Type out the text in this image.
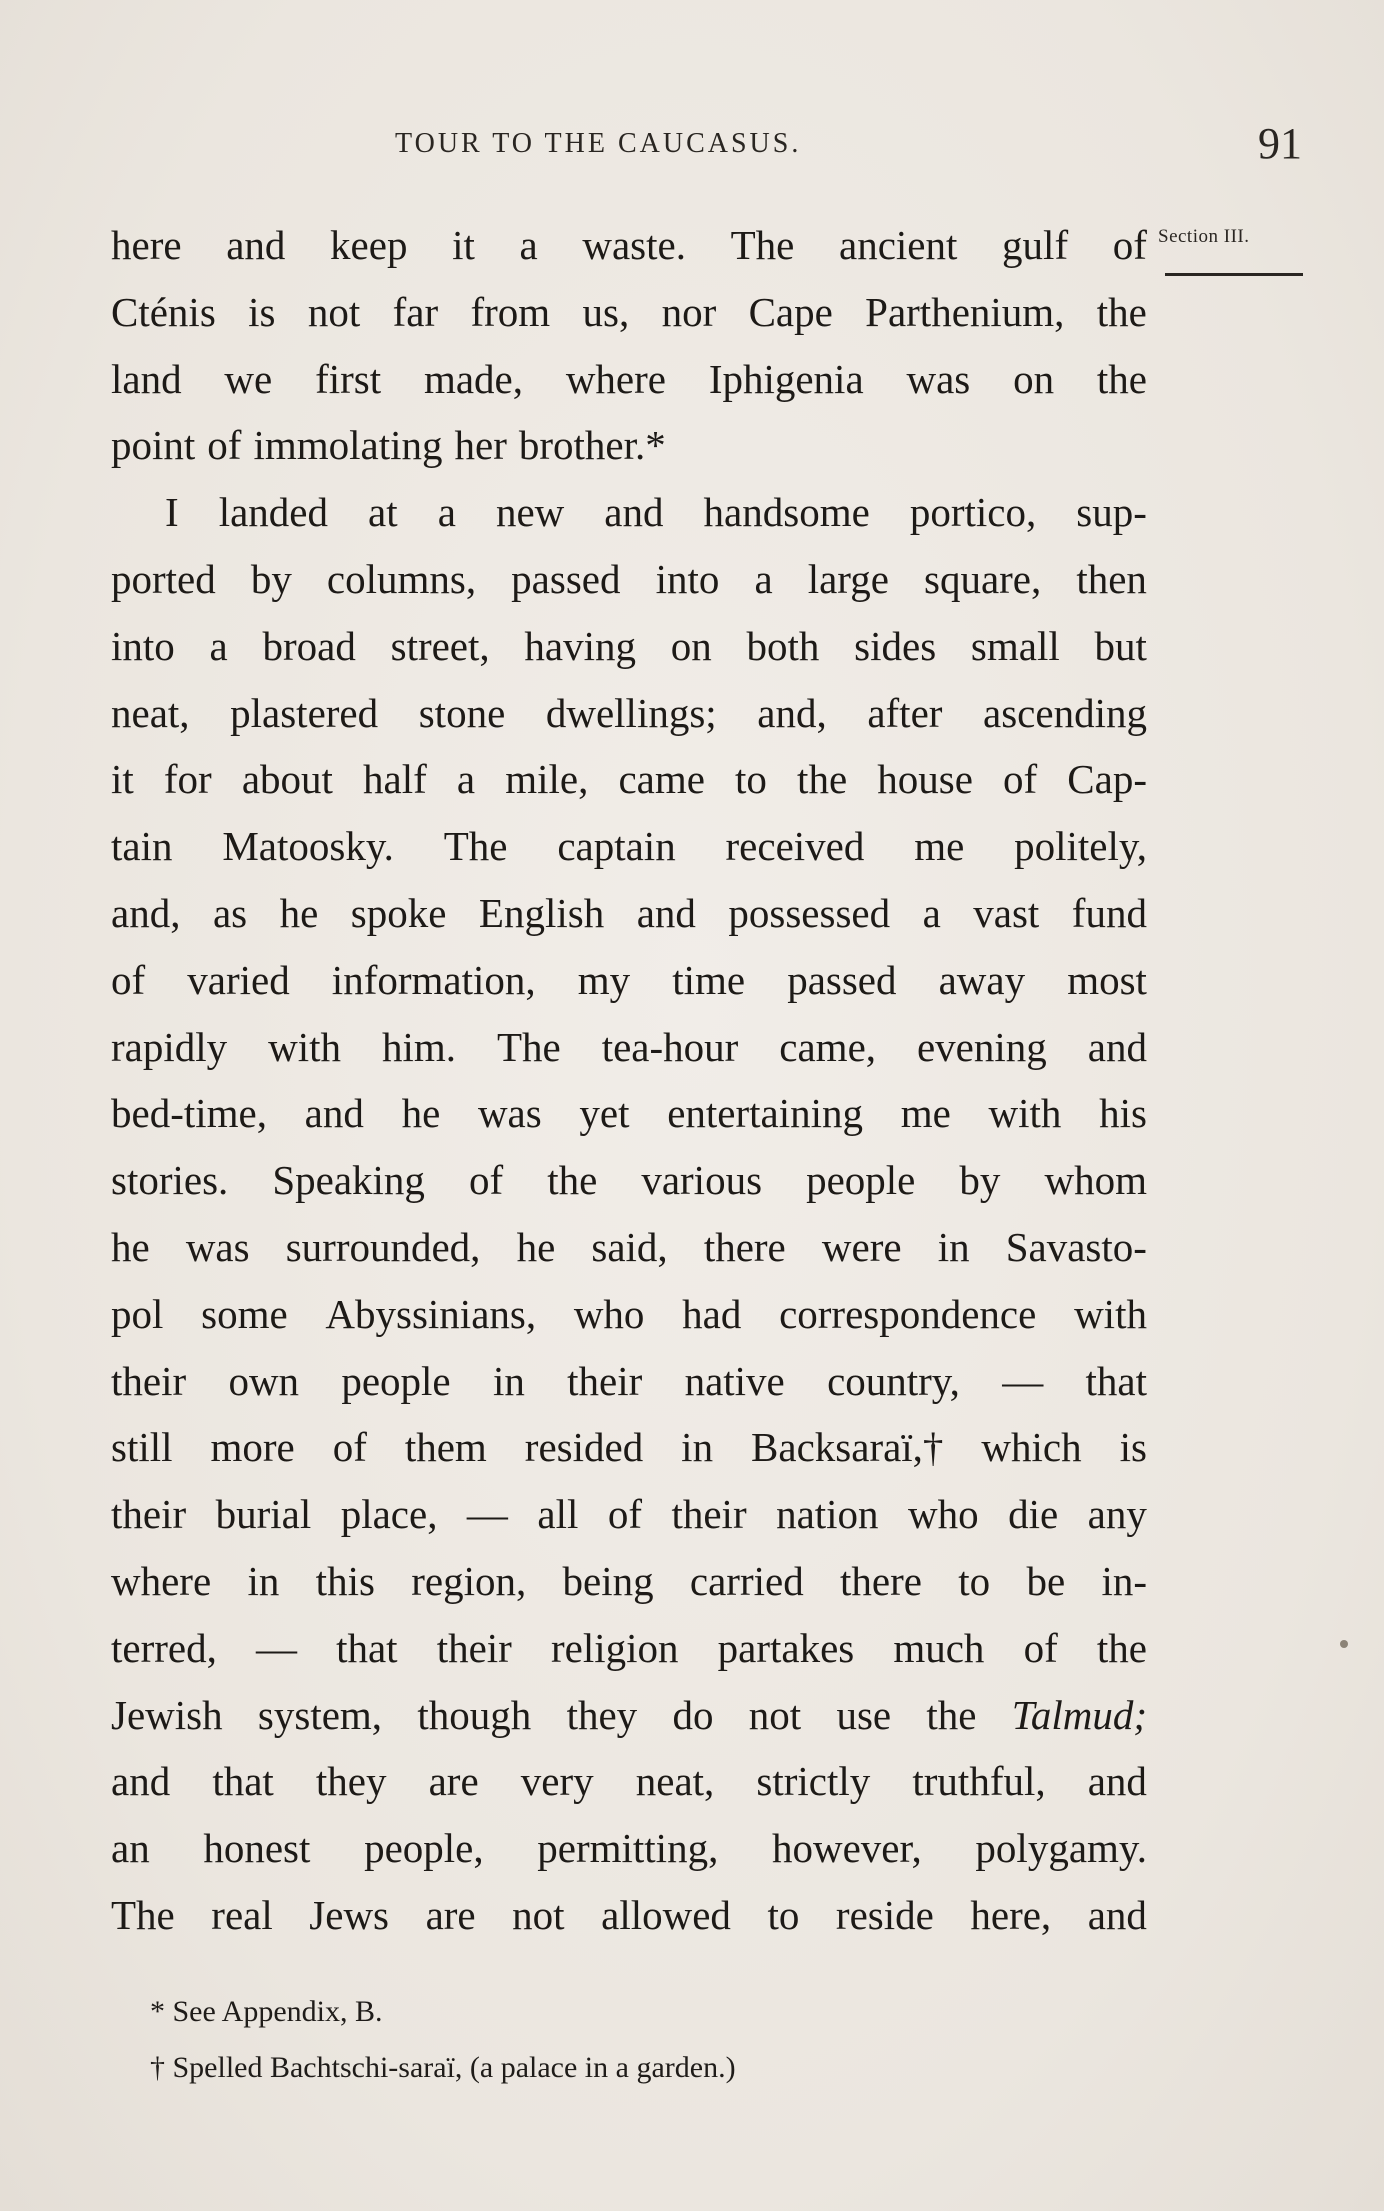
TOUR TO THE CAUCASUS.	91
Section III.
here and keep it a waste. The ancient gulf of
Cténis is not far from us, nor Cape Parthenium, the
land we first made, where Iphigenia was on the
point of immolating her brother.*
I landed at a new and handsome portico, sup-
ported by columns, passed into a large square, then
into a broad street, having on both sides small but
neat, plastered stone dwellings; and, after ascending
it for about half a mile, came to the house of Cap-
tain Matoosky. The captain received me politely,
and, as he spoke English and possessed a vast fund
of varied information, my time passed away most
rapidly with him. The tea-hour came, evening and
bed-time, and he was yet entertaining me with his
stories. Speaking of the various people by whom
he was surrounded, he said, there were in Savasto-
pol some Abyssinians, who had correspondence with
their own people in their native country, — that
still more of them resided in Backsaraï,† which is
their burial place, — all of their nation who die any
where in this region, being carried there to be in-
terred, — that their religion partakes much of the
Jewish system, though they do not use the Talmud;
and that they are very neat, strictly truthful, and
an honest people, permitting, however, polygamy.
The real Jews are not allowed to reside here, and
* See Appendix, B.
† Spelled Bachtschi-saraï, (a palace in a garden.)
